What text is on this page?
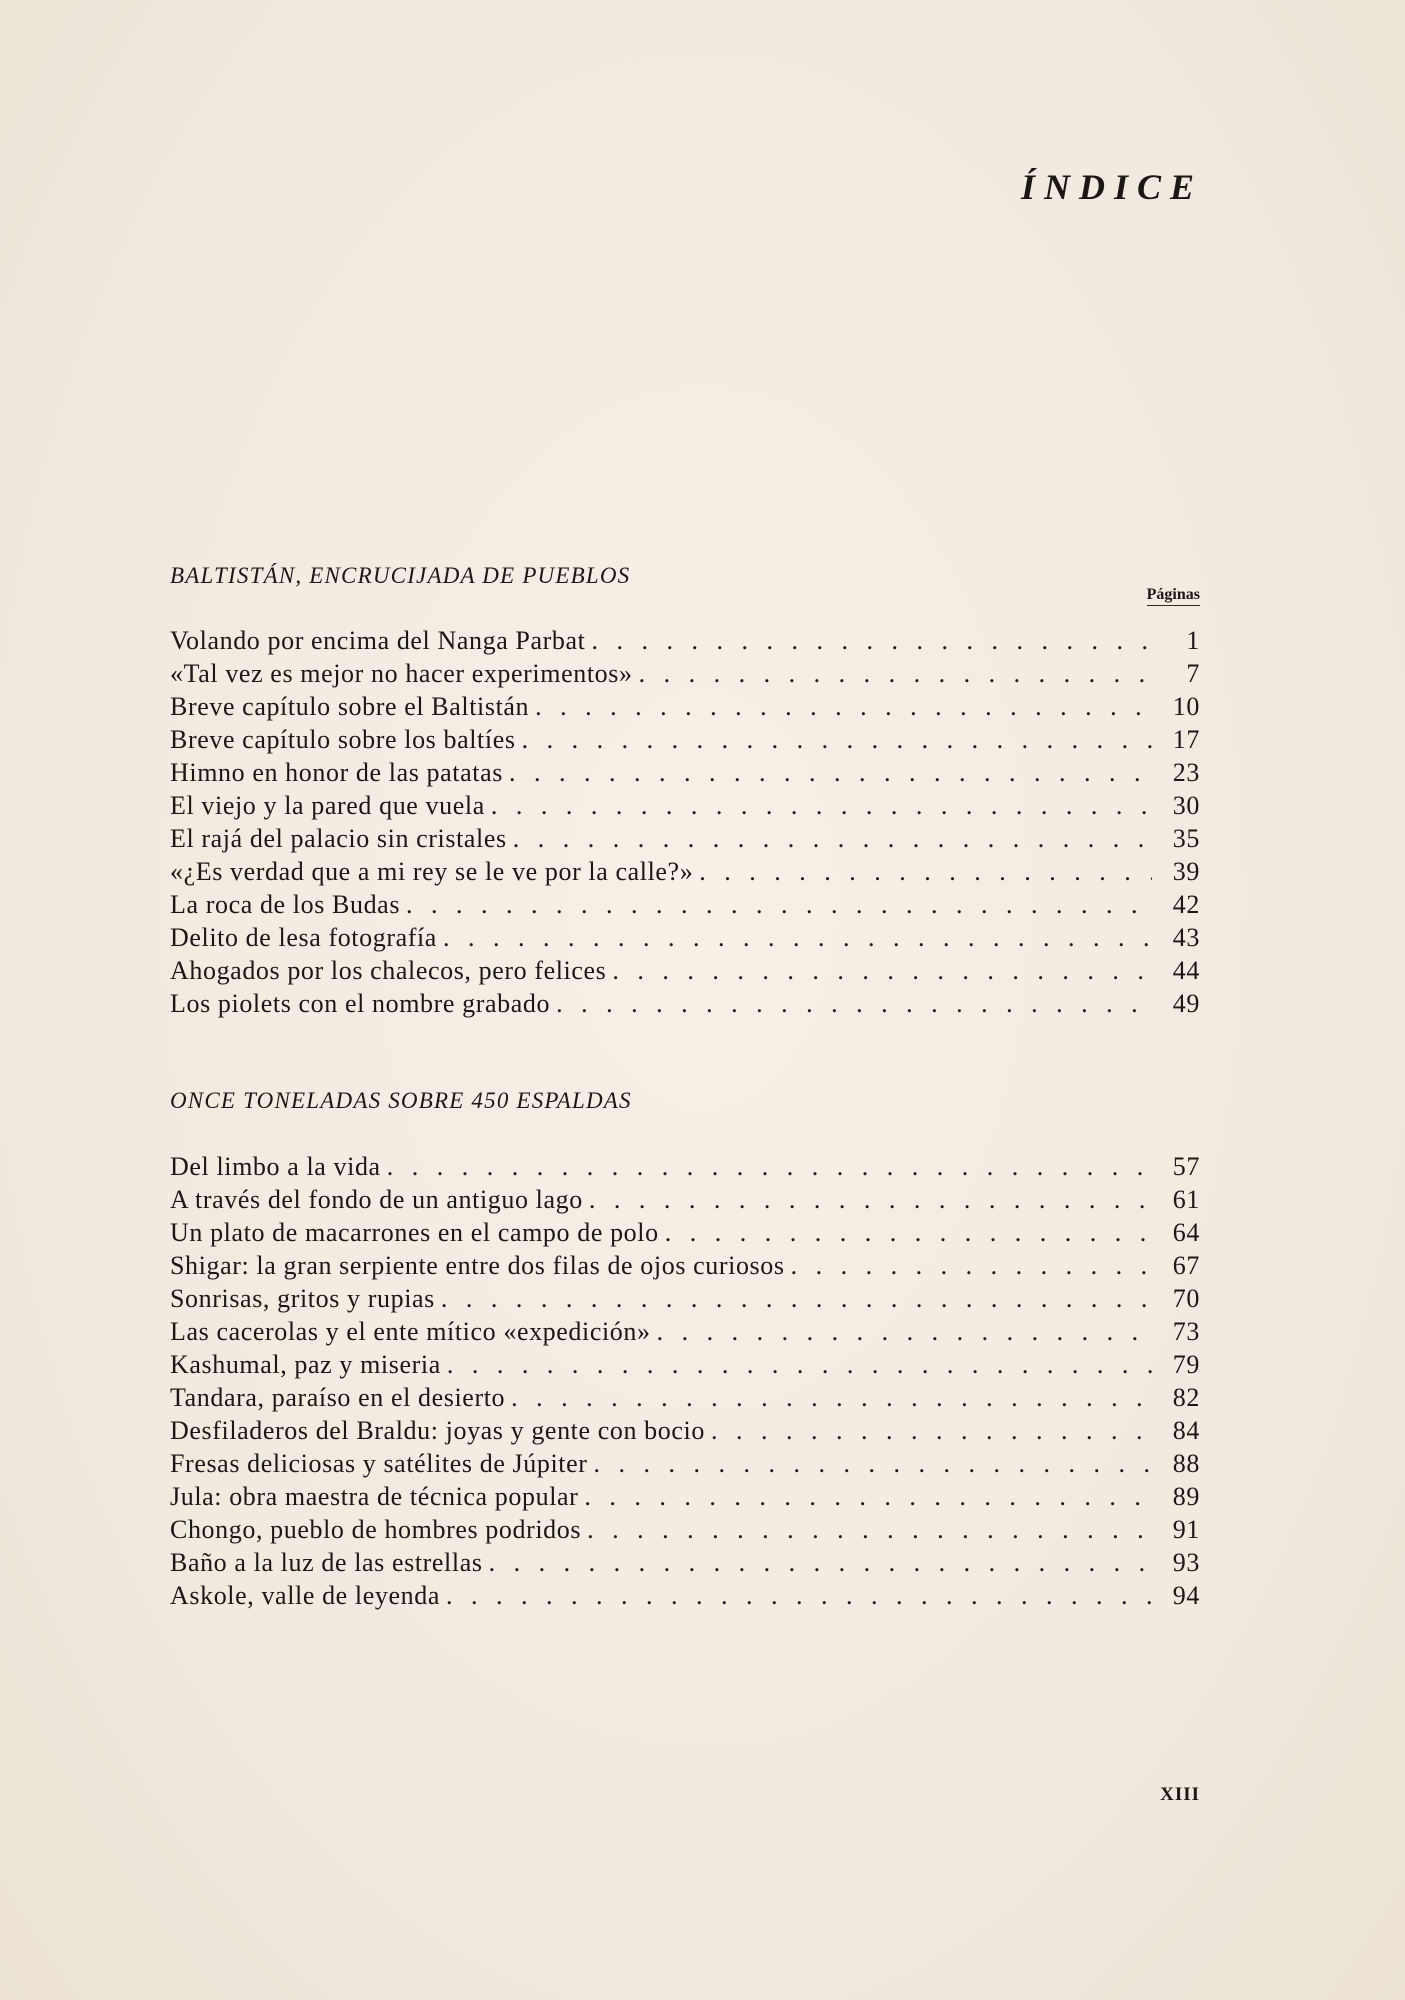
ÍNDICE
BALTISTÁN, ENCRUCIJADA DE PUEBLOS
Páginas
Volando por encima del Nanga Parbat . . .	1
«Tal vez es mejor no hacer experimentos» . . .	7
Breve capítulo sobre el Baltistán . . .	10
Breve capítulo sobre los baltíes . . .	17
Himno en honor de las patatas . . .	23
El viejo y la pared que vuela . . .	30
El rajá del palacio sin cristales . . .	35
«¿Es verdad que a mi rey se le ve por la calle?» . . .	39
La roca de los Budas . . .	42
Delito de lesa fotografía . . .	43
Ahogados por los chalecos, pero felices . . .	44
Los piolets con el nombre grabado . . .	49
ONCE TONELADAS SOBRE 450 ESPALDAS
Del limbo a la vida . . .	57
A través del fondo de un antiguo lago . . .	61
Un plato de macarrones en el campo de polo . . .	64
Shigar: la gran serpiente entre dos filas de ojos curiosos . . .	67
Sonrisas, gritos y rupias . . .	70
Las cacerolas y el ente mítico «expedición» . . .	73
Kashumal, paz y miseria . . .	79
Tandara, paraíso en el desierto . . .	82
Desfiladeros del Braldu: joyas y gente con bocio . . .	84
Fresas deliciosas y satélites de Júpiter . . .	88
Jula: obra maestra de técnica popular . . .	89
Chongo, pueblo de hombres podridos . . .	91
Baño a la luz de las estrellas . . .	93
Askole, valle de leyenda . . .	94
XIII
